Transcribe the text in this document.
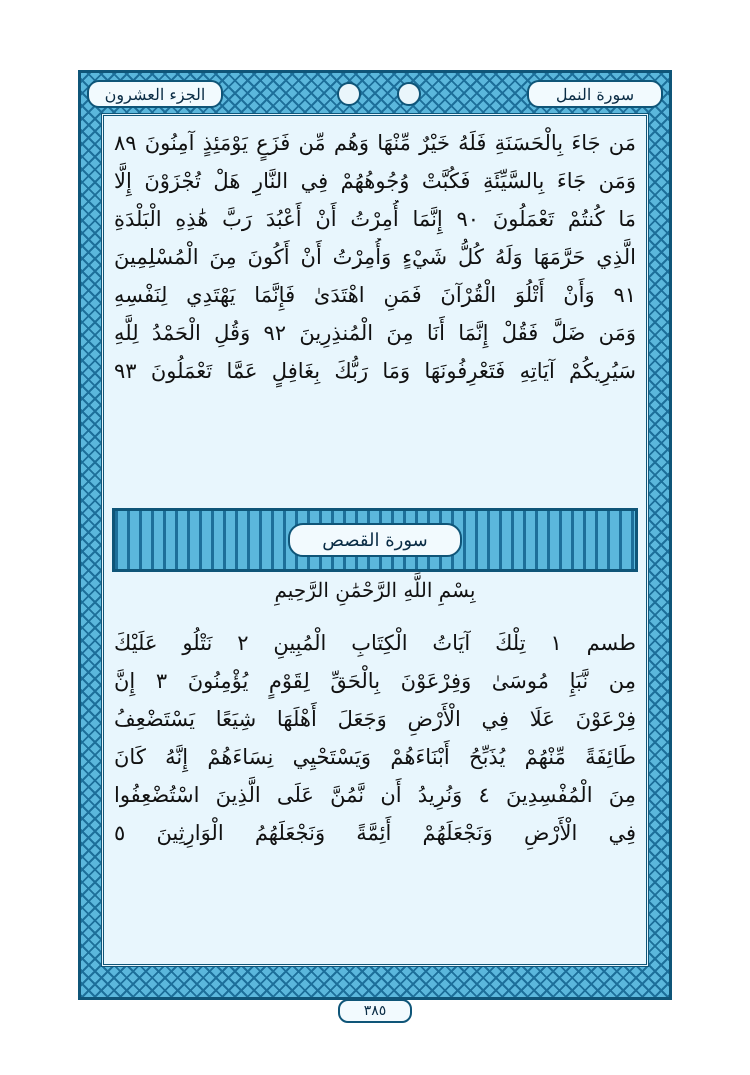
الجزء العشرون	سورة النمل
مَن جَاءَ بِالْحَسَنَةِ فَلَهُ خَيْرٌ مِّنْهَا وَهُم مِّن فَزَعٍ يَوْمَئِذٍ آمِنُونَ ٨٩
وَمَن جَاءَ بِالسَّيِّئَةِ فَكُبَّتْ وُجُوهُهُمْ فِي النَّارِ هَلْ تُجْزَوْنَ إِلَّا
مَا كُنتُمْ تَعْمَلُونَ ٩٠ إِنَّمَا أُمِرْتُ أَنْ أَعْبُدَ رَبَّ هَٰذِهِ الْبَلْدَةِ
الَّذِي حَرَّمَهَا وَلَهُ كُلُّ شَيْءٍ وَأُمِرْتُ أَنْ أَكُونَ مِنَ الْمُسْلِمِينَ
٩١ وَأَنْ أَتْلُوَ الْقُرْآنَ فَمَنِ اهْتَدَىٰ فَإِنَّمَا يَهْتَدِي لِنَفْسِهِ
وَمَن ضَلَّ فَقُلْ إِنَّمَا أَنَا مِنَ الْمُنذِرِينَ ٩٢ وَقُلِ الْحَمْدُ لِلَّهِ
سَيُرِيكُمْ آيَاتِهِ فَتَعْرِفُونَهَا وَمَا رَبُّكَ بِغَافِلٍ عَمَّا تَعْمَلُونَ ٩٣
سورة القصص
بِسْمِ اللَّهِ الرَّحْمَٰنِ الرَّحِيمِ
طسم ١ تِلْكَ آيَاتُ الْكِتَابِ الْمُبِينِ ٢ نَتْلُو عَلَيْكَ
مِن نَّبَإِ مُوسَىٰ وَفِرْعَوْنَ بِالْحَقِّ لِقَوْمٍ يُؤْمِنُونَ ٣ إِنَّ
فِرْعَوْنَ عَلَا فِي الْأَرْضِ وَجَعَلَ أَهْلَهَا شِيَعًا يَسْتَضْعِفُ
طَائِفَةً مِّنْهُمْ يُذَبِّحُ أَبْنَاءَهُمْ وَيَسْتَحْيِي نِسَاءَهُمْ إِنَّهُ كَانَ
مِنَ الْمُفْسِدِينَ ٤ وَنُرِيدُ أَن نَّمُنَّ عَلَى الَّذِينَ اسْتُضْعِفُوا
فِي الْأَرْضِ وَنَجْعَلَهُمْ أَئِمَّةً وَنَجْعَلَهُمُ الْوَارِثِينَ ٥
٣٨٥
